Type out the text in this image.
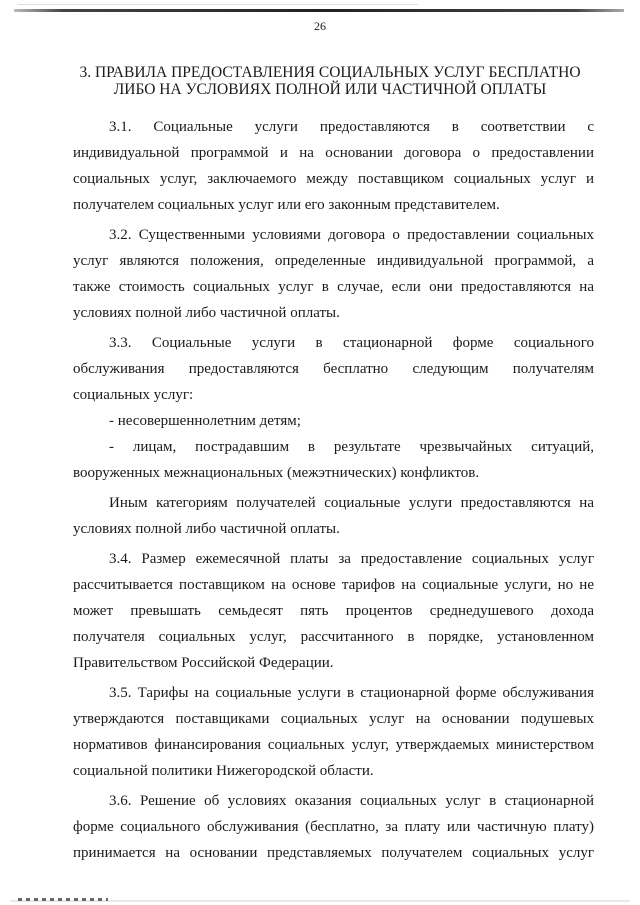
26
3. ПРАВИЛА ПРЕДОСТАВЛЕНИЯ СОЦИАЛЬНЫХ УСЛУГ БЕСПЛАТНО
ЛИБО НА УСЛОВИЯХ ПОЛНОЙ ИЛИ ЧАСТИЧНОЙ ОПЛАТЫ
3.1. Социальные услуги предоставляются в соответствии с
индивидуальной программой и на основании договора о предоставлении
социальных услуг, заключаемого между поставщиком социальных услуг и
получателем социальных услуг или его законным представителем.
3.2. Существенными условиями договора о предоставлении социальных
услуг являются положения, определенные индивидуальной программой, а
также стоимость социальных услуг в случае, если они предоставляются на
условиях полной либо частичной оплаты.
3.3. Социальные услуги в стационарной форме социального
обслуживания предоставляются бесплатно следующим получателям
социальных услуг:
- несовершеннолетним детям;
- лицам, пострадавшим в результате чрезвычайных ситуаций,
вооруженных межнациональных (межэтнических) конфликтов.
Иным категориям получателей социальные услуги предоставляются на
условиях полной либо частичной оплаты.
3.4. Размер ежемесячной платы за предоставление социальных услуг
рассчитывается поставщиком на основе тарифов на социальные услуги, но не
может превышать семьдесят пять процентов среднедушевого дохода
получателя социальных услуг, рассчитанного в порядке, установленном
Правительством Российской Федерации.
3.5. Тарифы на социальные услуги в стационарной форме обслуживания
утверждаются поставщиками социальных услуг на основании подушевых
нормативов финансирования социальных услуг, утверждаемых министерством
социальной политики Нижегородской области.
3.6. Решение об условиях оказания социальных услуг в стационарной
форме социального обслуживания (бесплатно, за плату или частичную плату)
принимается на основании представляемых получателем социальных услуг
